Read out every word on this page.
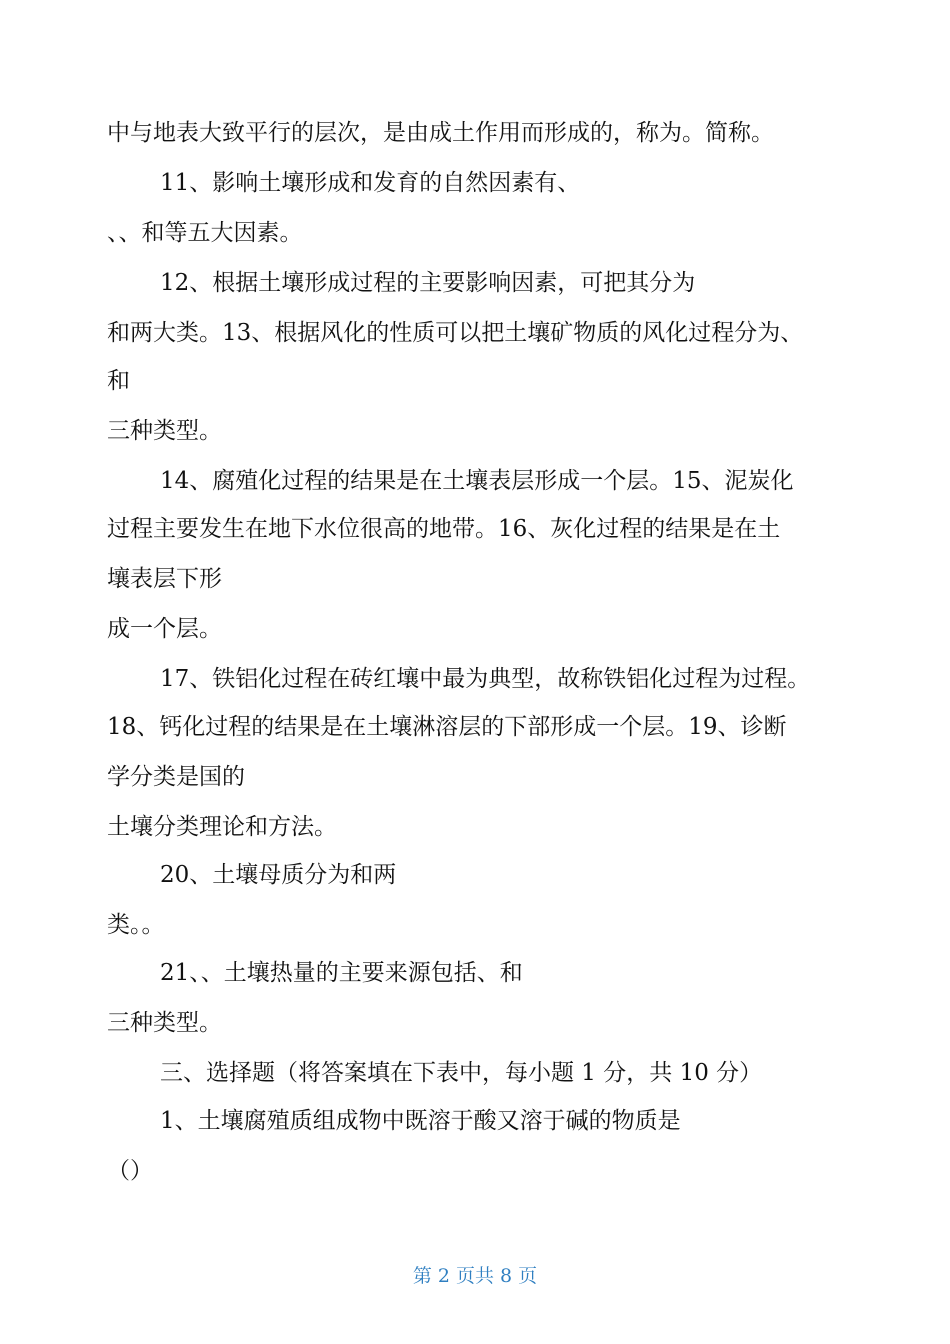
中与地表大致平行的层次，是由成土作用而形成的，称为。简称。
11、影响土壤形成和发育的自然因素有、
、、和等五大因素。
12、根据土壤形成过程的主要影响因素，可把其分为
和两大类。13、根据风化的性质可以把土壤矿物质的风化过程分为、
和
三种类型。
14、腐殖化过程的结果是在土壤表层形成一个层。15、泥炭化
过程主要发生在地下水位很高的地带。16、灰化过程的结果是在土
壤表层下形
成一个层。
17、铁铝化过程在砖红壤中最为典型，故称铁铝化过程为过程。
18、钙化过程的结果是在土壤淋溶层的下部形成一个层。19、诊断
学分类是国的
土壤分类理论和方法。
20、土壤母质分为和两
类。。
21、、土壤热量的主要来源包括、和
三种类型。
三、选择题（将答案填在下表中，每小题 1 分，共 10 分）
1、土壤腐殖质组成物中既溶于酸又溶于碱的物质是
（）
第 2 页共 8 页
